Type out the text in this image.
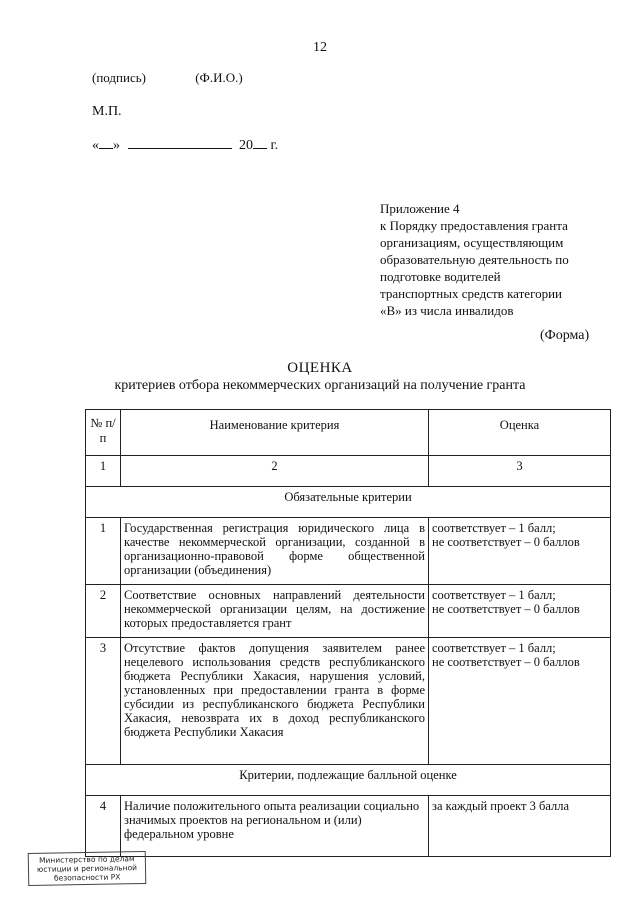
12
(подпись)	(Ф.И.О.)
М.П.
« »	20 г.
Приложение 4
к Порядку предоставления гранта
организациям, осуществляющим
образовательную деятельность по
подготовке водителей
транспортных средств категории
«В» из числа инвалидов
(Форма)
ОЦЕНКА
критериев отбора некоммерческих организаций на получение гранта
№ п/п	Наименование критерия	Оценка
1	2	3
Обязательные критерии		
1	Государственная регистрация юридического лица в качестве некоммерческой организации, созданной в организационно-правовой форме общественной организации (объединения)	соответствует – 1 балл;
не соответствует – 0 баллов

2	Соответствие основных направлений деятельности некоммерческой организации целям, на достижение которых предоставляется грант	соответствует – 1 балл;
не соответствует – 0 баллов

3	Отсутствие фактов допущения заявителем ранее нецелевого использования средств республиканского бюджета Республики Хакасия, нарушения условий, установленных при предоставлении гранта в форме субсидии из республиканского бюджета Республики Хакасия, невозврата их в доход республиканского бюджета Республики Хакасия	соответствует – 1 балл;
не соответствует – 0 баллов

Критерии, подлежащие балльной оценке		
4	Наличие положительного опыта реализации социально значимых проектов на региональном и (или) федеральном уровне	за каждый проект 3 балла
Министерство по делам
юстиции и региональной
безопасности РХ
